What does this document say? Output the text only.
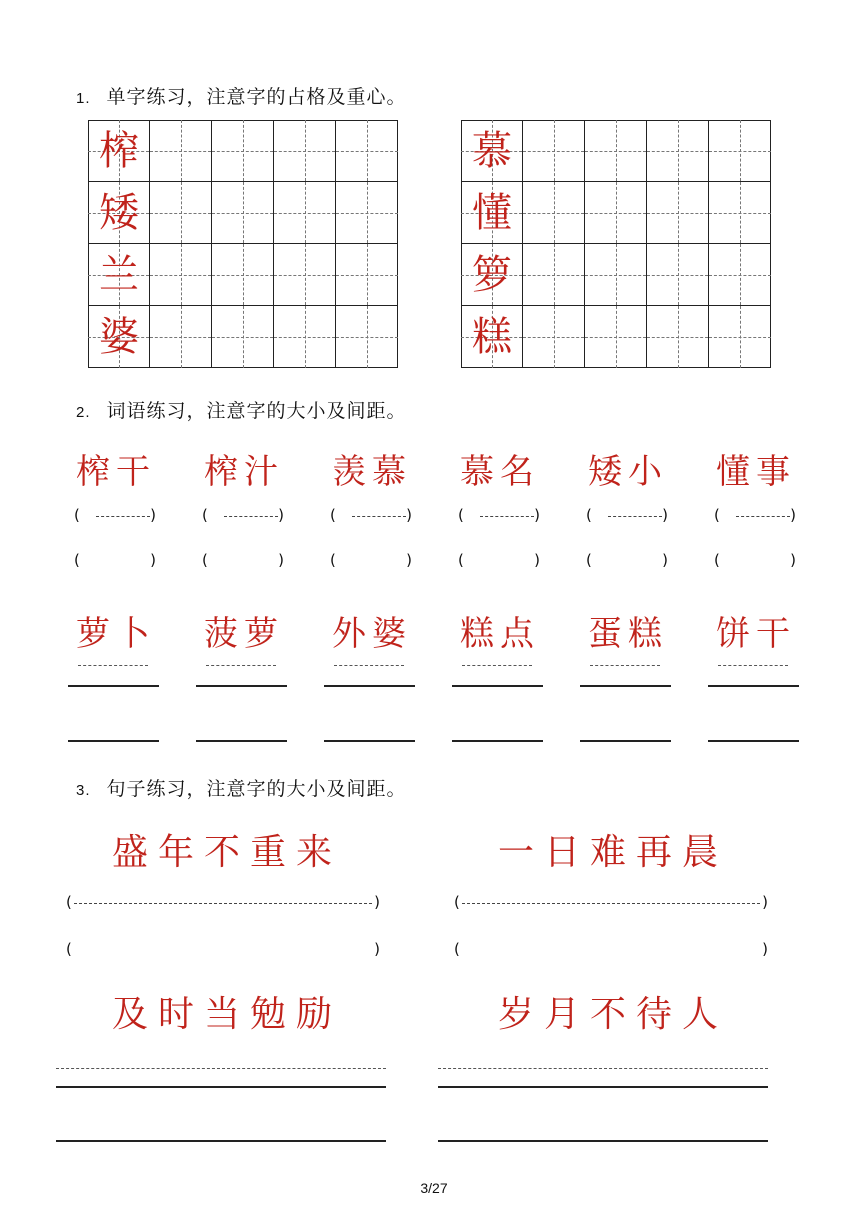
1. 单字练习，注意字的占格及重心。
榨
矮
兰
婆
慕
懂
箩
糕
2. 词语练习，注意字的大小及间距。
榨干
(	)
(	)
萝卜
榨汁
(	)
(	)
菠萝
羡慕
(	)
(	)
外婆
慕名
(	)
(	)
糕点
矮小
(	)
(	)
蛋糕
懂事
(	)
(	)
饼干
3. 句子练习，注意字的大小及间距。
盛年不重来	一日难再晨
(	)	(	)
(	)	(	)
及时当勉励	岁月不待人
3/27
